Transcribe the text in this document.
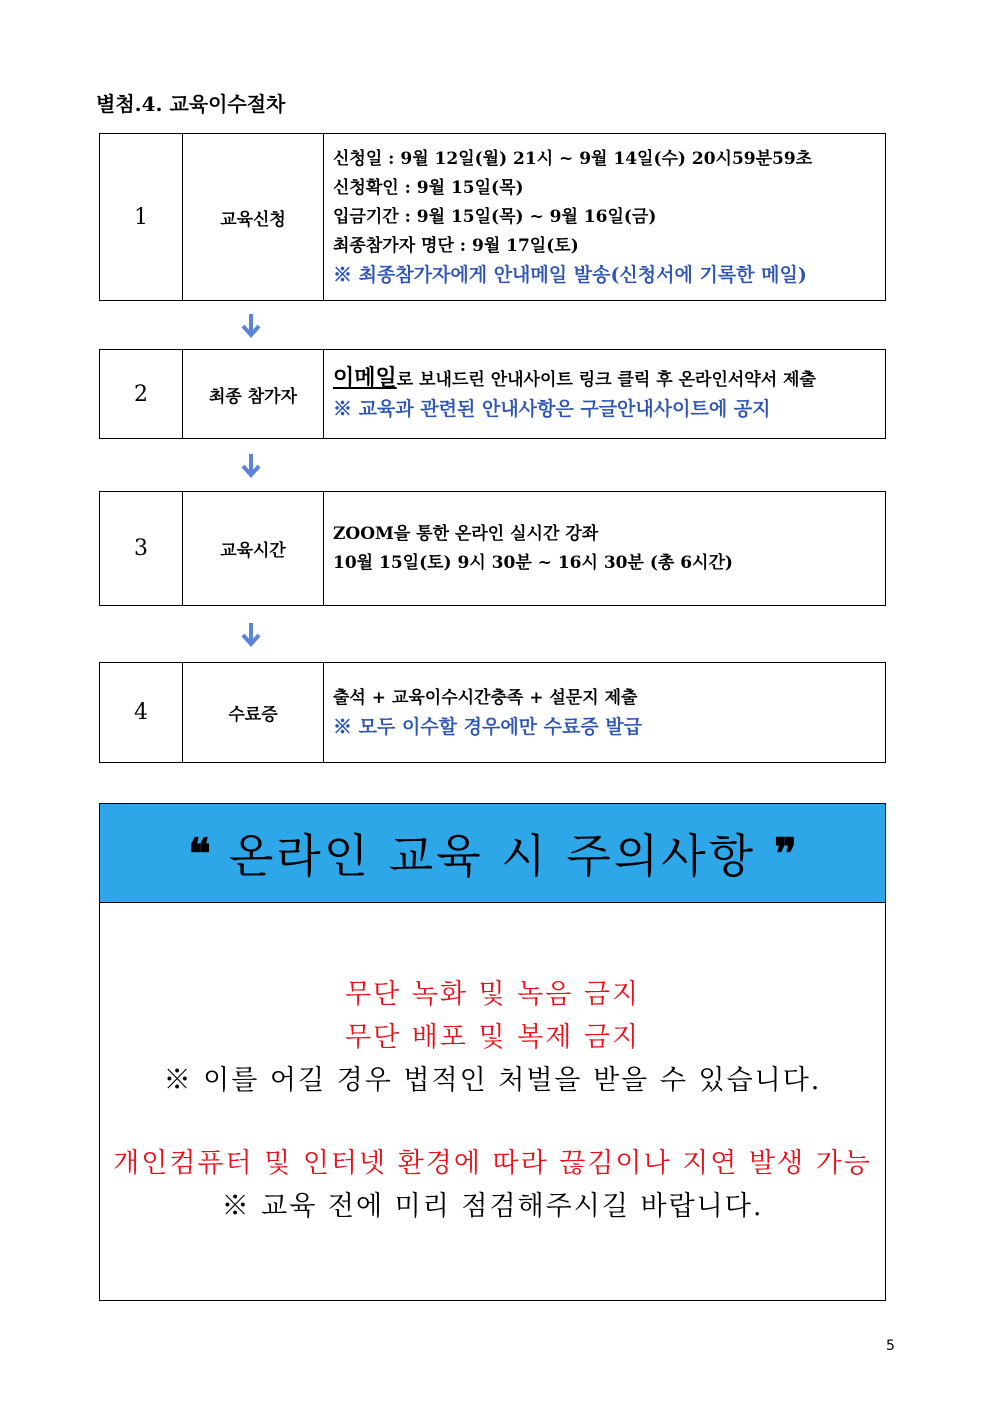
별첨.4. 교육이수절차
1	교육신청
신청일 : 9월 12일(월) 21시 ~ 9월 14일(수) 20시59분59초
신청확인 : 9월 15일(목)
입금기간 : 9월 15일(목) ~ 9월 16일(금)
최종참가자 명단 : 9월 17일(토)
※ 최종참가자에게 안내메일 발송(신청서에 기록한 메일)
2	최종 참가자
이메일로 보내드린 안내사이트 링크 클릭 후 온라인서약서 제출
※ 교육과 관련된 안내사항은 구글안내사이트에 공지
3	교육시간
ZOOM을 통한 온라인 실시간 강좌
10월 15일(토) 9시 30분 ~ 16시 30분 (총 6시간)
4	수료증
출석 + 교육이수시간충족 + 설문지 제출
※ 모두 이수할 경우에만 수료증 발급
❝ 온라인 교육 시 주의사항 ❞
무단 녹화 및 녹음 금지
무단 배포 및 복제 금지
※ 이를 어길 경우 법적인 처벌을 받을 수 있습니다.
개인컴퓨터 및 인터넷 환경에 따라 끊김이나 지연 발생 가능
※ 교육 전에 미리 점검해주시길 바랍니다.
5
